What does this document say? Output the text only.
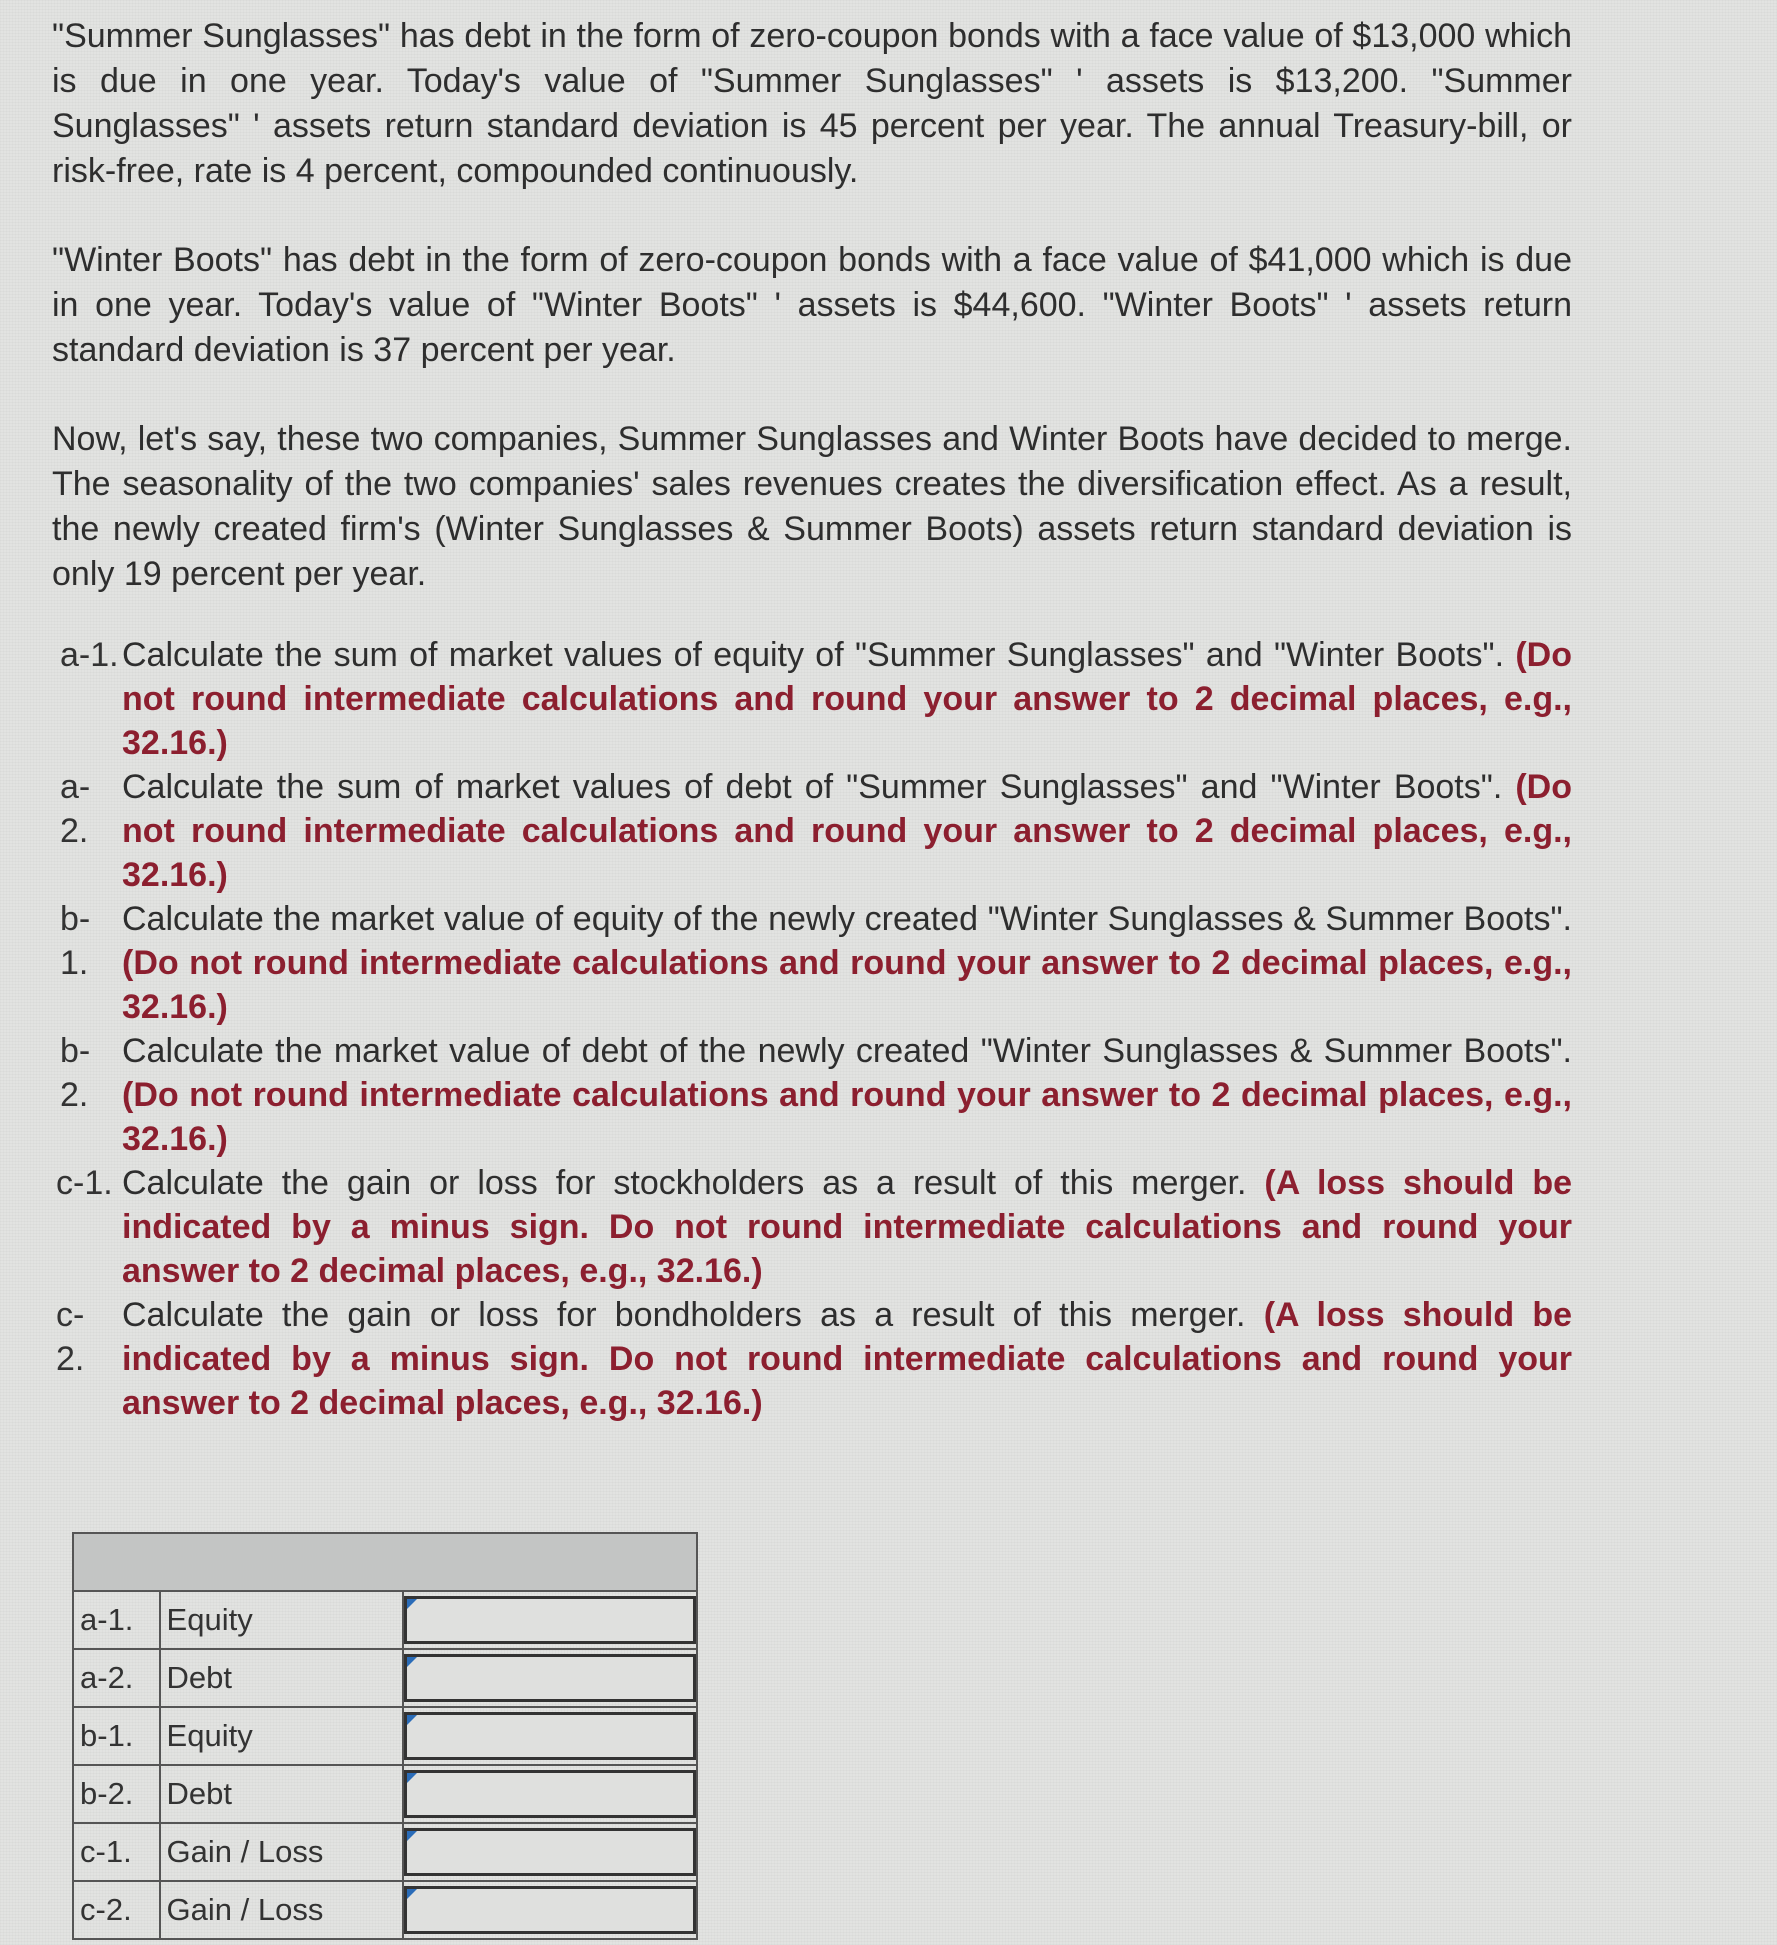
"Summer Sunglasses" has debt in the form of zero-coupon bonds with a face value of $13,000 which is due in one year. Today's value of "Summer Sunglasses" ' assets is $13,200. "Summer Sunglasses" ' assets return standard deviation is 45 percent per year. The annual Treasury-bill, or risk-free, rate is 4 percent, compounded continuously.

"Winter Boots" has debt in the form of zero-coupon bonds with a face value of $41,000 which is due in one year. Today's value of "Winter Boots" ' assets is $44,600. "Winter Boots" ' assets return standard deviation is 37 percent per year.

Now, let's say, these two companies, Summer Sunglasses and Winter Boots have decided to merge. The seasonality of the two companies' sales revenues creates the diversification effect. As a result, the newly created firm's (Winter Sunglasses & Summer Boots) assets return standard deviation is only 19 percent per year.

a-1. Calculate the sum of market values of equity of "Summer Sunglasses" and "Winter Boots". (Do not round intermediate calculations and round your answer to 2 decimal places, e.g., 32.16.)
a-
2.
Calculate the sum of market values of debt of "Summer Sunglasses" and "Winter Boots". (Do not round intermediate calculations and round your answer to 2 decimal places, e.g., 32.16.)
b-
1.
Calculate the market value of equity of the newly created "Winter Sunglasses & Summer Boots". (Do not round intermediate calculations and round your answer to 2 decimal places, e.g., 32.16.)
b-
2.
Calculate the market value of debt of the newly created "Winter Sunglasses & Summer Boots". (Do not round intermediate calculations and round your answer to 2 decimal places, e.g., 32.16.)
c-1. Calculate the gain or loss for stockholders as a result of this merger. (A loss should be indicated by a minus sign. Do not round intermediate calculations and round your answer to 2 decimal places, e.g., 32.16.)
c-
2.
Calculate the gain or loss for bondholders as a result of this merger. (A loss should be indicated by a minus sign. Do not round intermediate calculations and round your answer to 2 decimal places, e.g., 32.16.)

a-1.	Equity	

a-2.	Debt	

b-1.	Equity	

b-2.	Debt	

c-1.	Gain / Loss	

c-2.	Gain / Loss	
